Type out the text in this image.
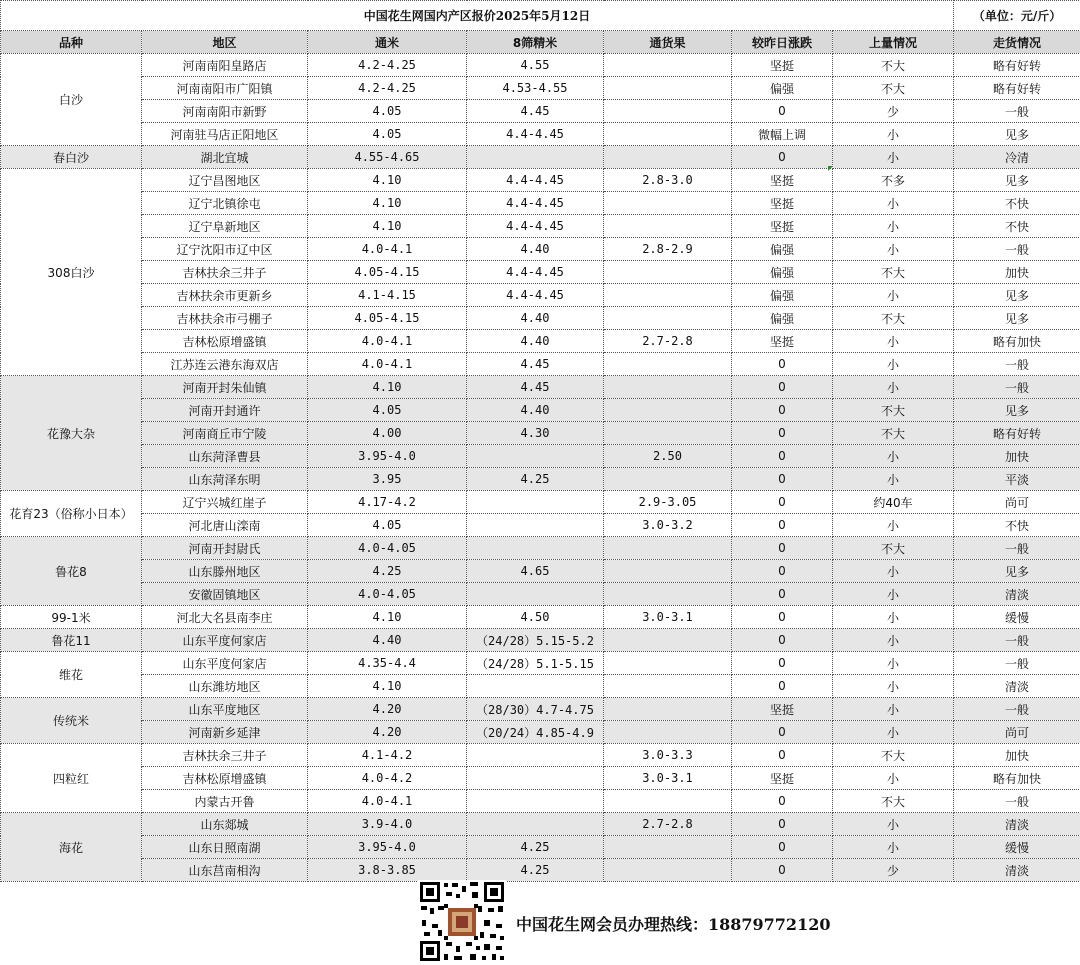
中国花生网国内产区报价2025年5月12日							（单位：元/斤）
品种	地区	通米	8筛精米	通货果	较昨日涨跌	上量情况	走货情况
白沙	河南南阳皇路店	4.2-4.25	4.55		坚挺	不大	略有好转
	河南南阳市广阳镇	4.2-4.25	4.53-4.55		偏强	不大	略有好转
	河南南阳市新野	4.05	4.45		0	少	一般
	河南驻马店正阳地区	4.05	4.4-4.45		微幅上调	小	见多
春白沙	湖北宜城	4.55-4.65			0	小	冷清
308白沙	辽宁昌图地区	4.10	4.4-4.45	2.8-3.0	坚挺	不多	见多
	辽宁北镇徐屯	4.10	4.4-4.45		坚挺	小	不快
	辽宁阜新地区	4.10	4.4-4.45		坚挺	小	不快
	辽宁沈阳市辽中区	4.0-4.1	4.40	2.8-2.9	偏强	小	一般
	吉林扶余三井子	4.05-4.15	4.4-4.45		偏强	不大	加快
	吉林扶余市更新乡	4.1-4.15	4.4-4.45		偏强	小	见多
	吉林扶余市弓棚子	4.05-4.15	4.40		偏强	不大	见多
	吉林松原增盛镇	4.0-4.1	4.40	2.7-2.8	坚挺	小	略有加快
	江苏连云港东海双店	4.0-4.1	4.45		0	小	一般
花豫大杂	河南开封朱仙镇	4.10	4.45		0	小	一般
	河南开封通许	4.05	4.40		0	不大	见多
	河南商丘市宁陵	4.00	4.30		0	不大	略有好转
	山东菏泽曹县	3.95-4.0		2.50	0	小	加快
	山东菏泽东明	3.95	4.25		0	小	平淡
花育23（俗称小日本）	辽宁兴城红崖子	4.17-4.2		2.9-3.05	0	约40车	尚可
	河北唐山滦南	4.05		3.0-3.2	0	小	不快
鲁花8	河南开封尉氏	4.0-4.05			0	不大	一般
	山东滕州地区	4.25	4.65		0	小	见多
	安徽固镇地区	4.0-4.05			0	小	清淡
99-1米	河北大名县南李庄	4.10	4.50	3.0-3.1	0	小	缓慢
鲁花11	山东平度何家店	4.40	（24/28）5.15-5.2		0	小	一般
维花	山东平度何家店	4.35-4.4	（24/28）5.1-5.15		0	小	一般
	山东潍坊地区	4.10			0	小	清淡
传统米	山东平度地区	4.20	（28/30）4.7-4.75		坚挺	小	一般
	河南新乡延津	4.20	（20/24）4.85-4.9		0	小	尚可
四粒红	吉林扶余三井子	4.1-4.2		3.0-3.3	0	不大	加快
	吉林松原增盛镇	4.0-4.2		3.0-3.1	坚挺	小	略有加快
	内蒙古开鲁	4.0-4.1			0	不大	一般
海花	山东郯城	3.9-4.0		2.7-2.8	0	小	清淡
	山东日照南湖	3.95-4.0	4.25		0	小	缓慢
	山东莒南相沟	3.8-3.85	4.25		0	少	清淡
中国花生网会员办理热线：18879772120
